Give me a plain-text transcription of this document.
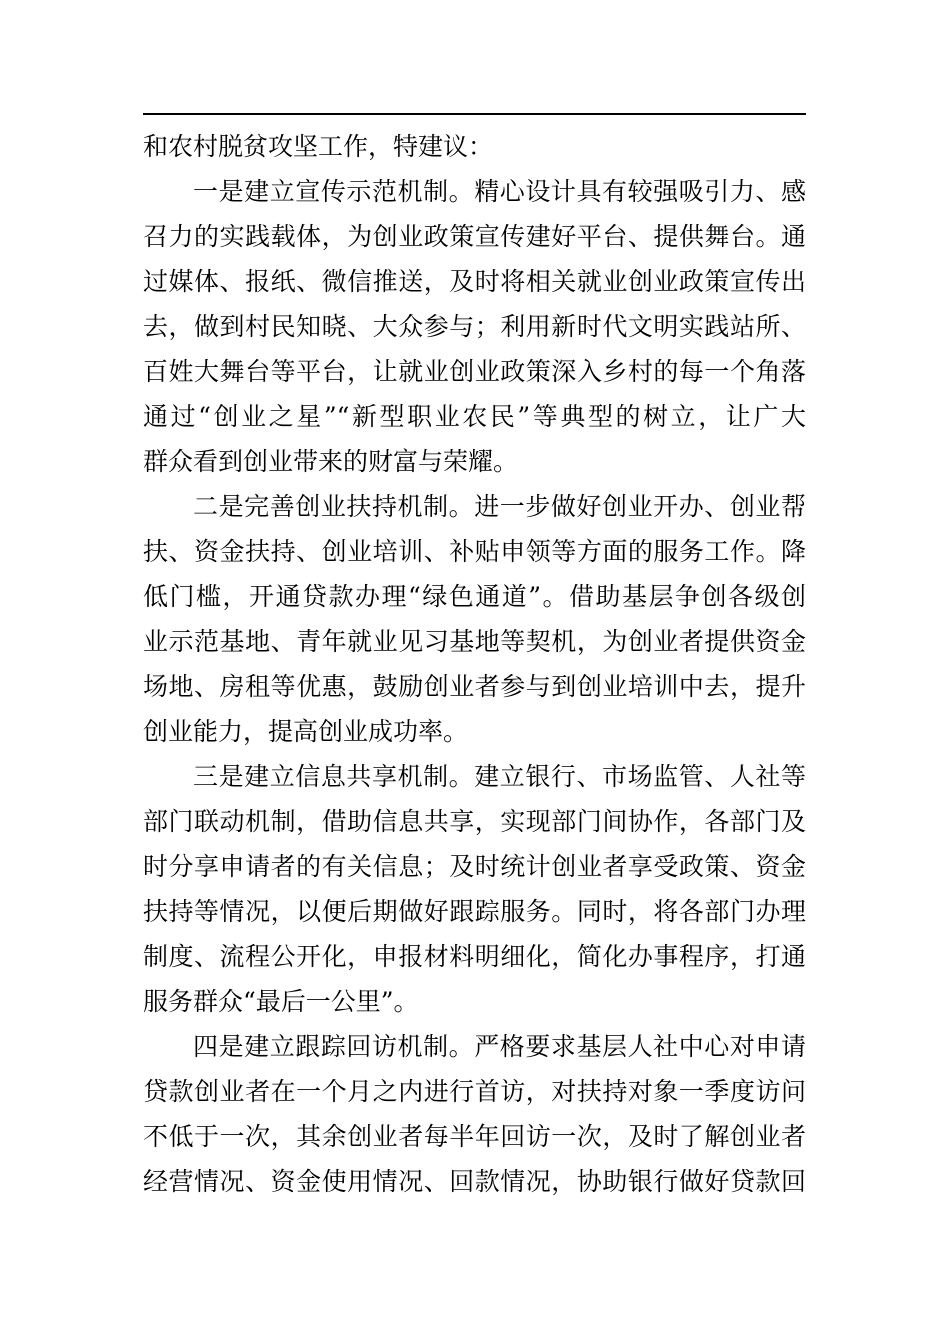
和农村脱贫攻坚工作，特建议：
一是建立宣传示范机制。精心设计具有较强吸引力、感
召力的实践载体，为创业政策宣传建好平台、提供舞台。通
过媒体、报纸、微信推送，及时将相关就业创业政策宣传出
去，做到村民知晓、大众参与；利用新时代文明实践站所、
百姓大舞台等平台，让就业创业政策深入乡村的每一个角落
通过“创业之星”“新型职业农民”等典型的树立，让广大
群众看到创业带来的财富与荣耀。
二是完善创业扶持机制。进一步做好创业开办、创业帮
扶、资金扶持、创业培训、补贴申领等方面的服务工作。降
低门槛，开通贷款办理“绿色通道”。借助基层争创各级创
业示范基地、青年就业见习基地等契机，为创业者提供资金
场地、房租等优惠，鼓励创业者参与到创业培训中去，提升
创业能力，提高创业成功率。
三是建立信息共享机制。建立银行、市场监管、人社等
部门联动机制，借助信息共享，实现部门间协作，各部门及
时分享申请者的有关信息；及时统计创业者享受政策、资金
扶持等情况，以便后期做好跟踪服务。同时，将各部门办理
制度、流程公开化，申报材料明细化，简化办事程序，打通
服务群众“最后一公里”。
四是建立跟踪回访机制。严格要求基层人社中心对申请
贷款创业者在一个月之内进行首访，对扶持对象一季度访问
不低于一次，其余创业者每半年回访一次，及时了解创业者
经营情况、资金使用情况、回款情况，协助银行做好贷款回
